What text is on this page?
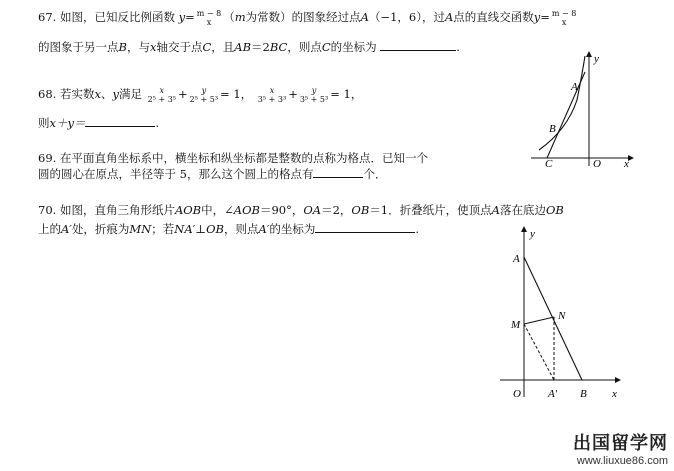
67. 如图，已知反比例函数 y= m − 8
x	（m为常数）的图象经过点A（−1，6），过A点的直线交函数y= m − 8
x
的图象于另一点B，与x轴交于点C，且AB＝2BC，则点C的坐标为	.
68. 若实数x、y满足	x
2⁵ + 3⁵ +	y
2⁵ + 5³ = 1，	x
3⁵ + 3³ +	y
3⁵ + 5³ = 1，
则x＋y＝	.
69. 在平面直角坐标系中，横坐标和纵坐标都是整数的点称为格点．已知一个
圆的圆心在原点，半径等于 5，那么这个圆上的格点有	个．
70. 如图，直角三角形纸片AOB中，∠AOB＝90°，OA＝2，OB＝1．折叠纸片，使顶点A落在底边OB
上的A′处，折痕为MN；若NA′⊥OB，则点A′的坐标为	.
y
A
B
C	O x
y
A
M
N
O A′ B x
出国留学网
www.liuxue86.com
